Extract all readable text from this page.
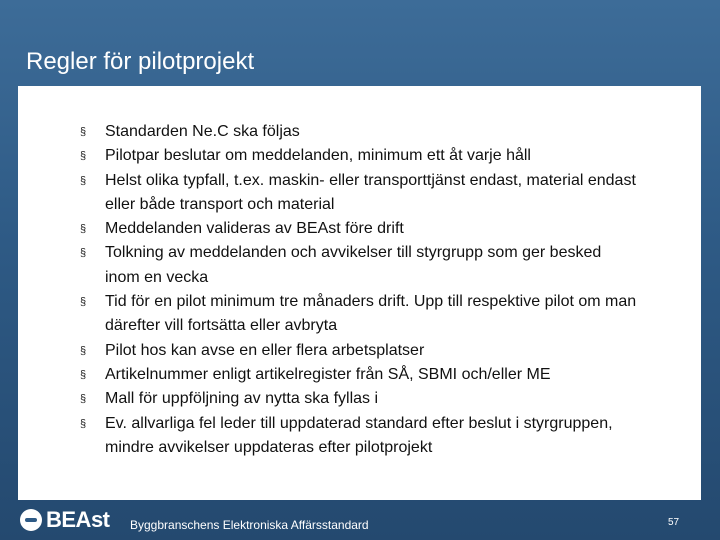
Regler för pilotprojekt
§ Standarden Ne.C ska följas
§ Pilotpar beslutar om meddelanden, minimum ett åt varje håll
§ Helst olika typfall, t.ex. maskin- eller transporttjänst endast, material endast eller både transport och material
§ Meddelanden valideras av BEAst före drift
§ Tolkning av meddelanden och avvikelser till styrgrupp som ger besked inom en vecka
§ Tid för en pilot minimum tre månaders drift. Upp till respektive pilot om man därefter vill fortsätta eller avbryta
§ Pilot hos kan avse en eller flera arbetsplatser
§ Artikelnummer enligt artikelregister från SÅ, SBMI och/eller ME
§ Mall för uppföljning av nytta ska fyllas i
§ Ev. allvarliga fel leder till uppdaterad standard efter beslut i styrgruppen, mindre avvikelser uppdateras efter pilotprojekt
BEAst Byggbranschens Elektroniska Affärsstandard	57
